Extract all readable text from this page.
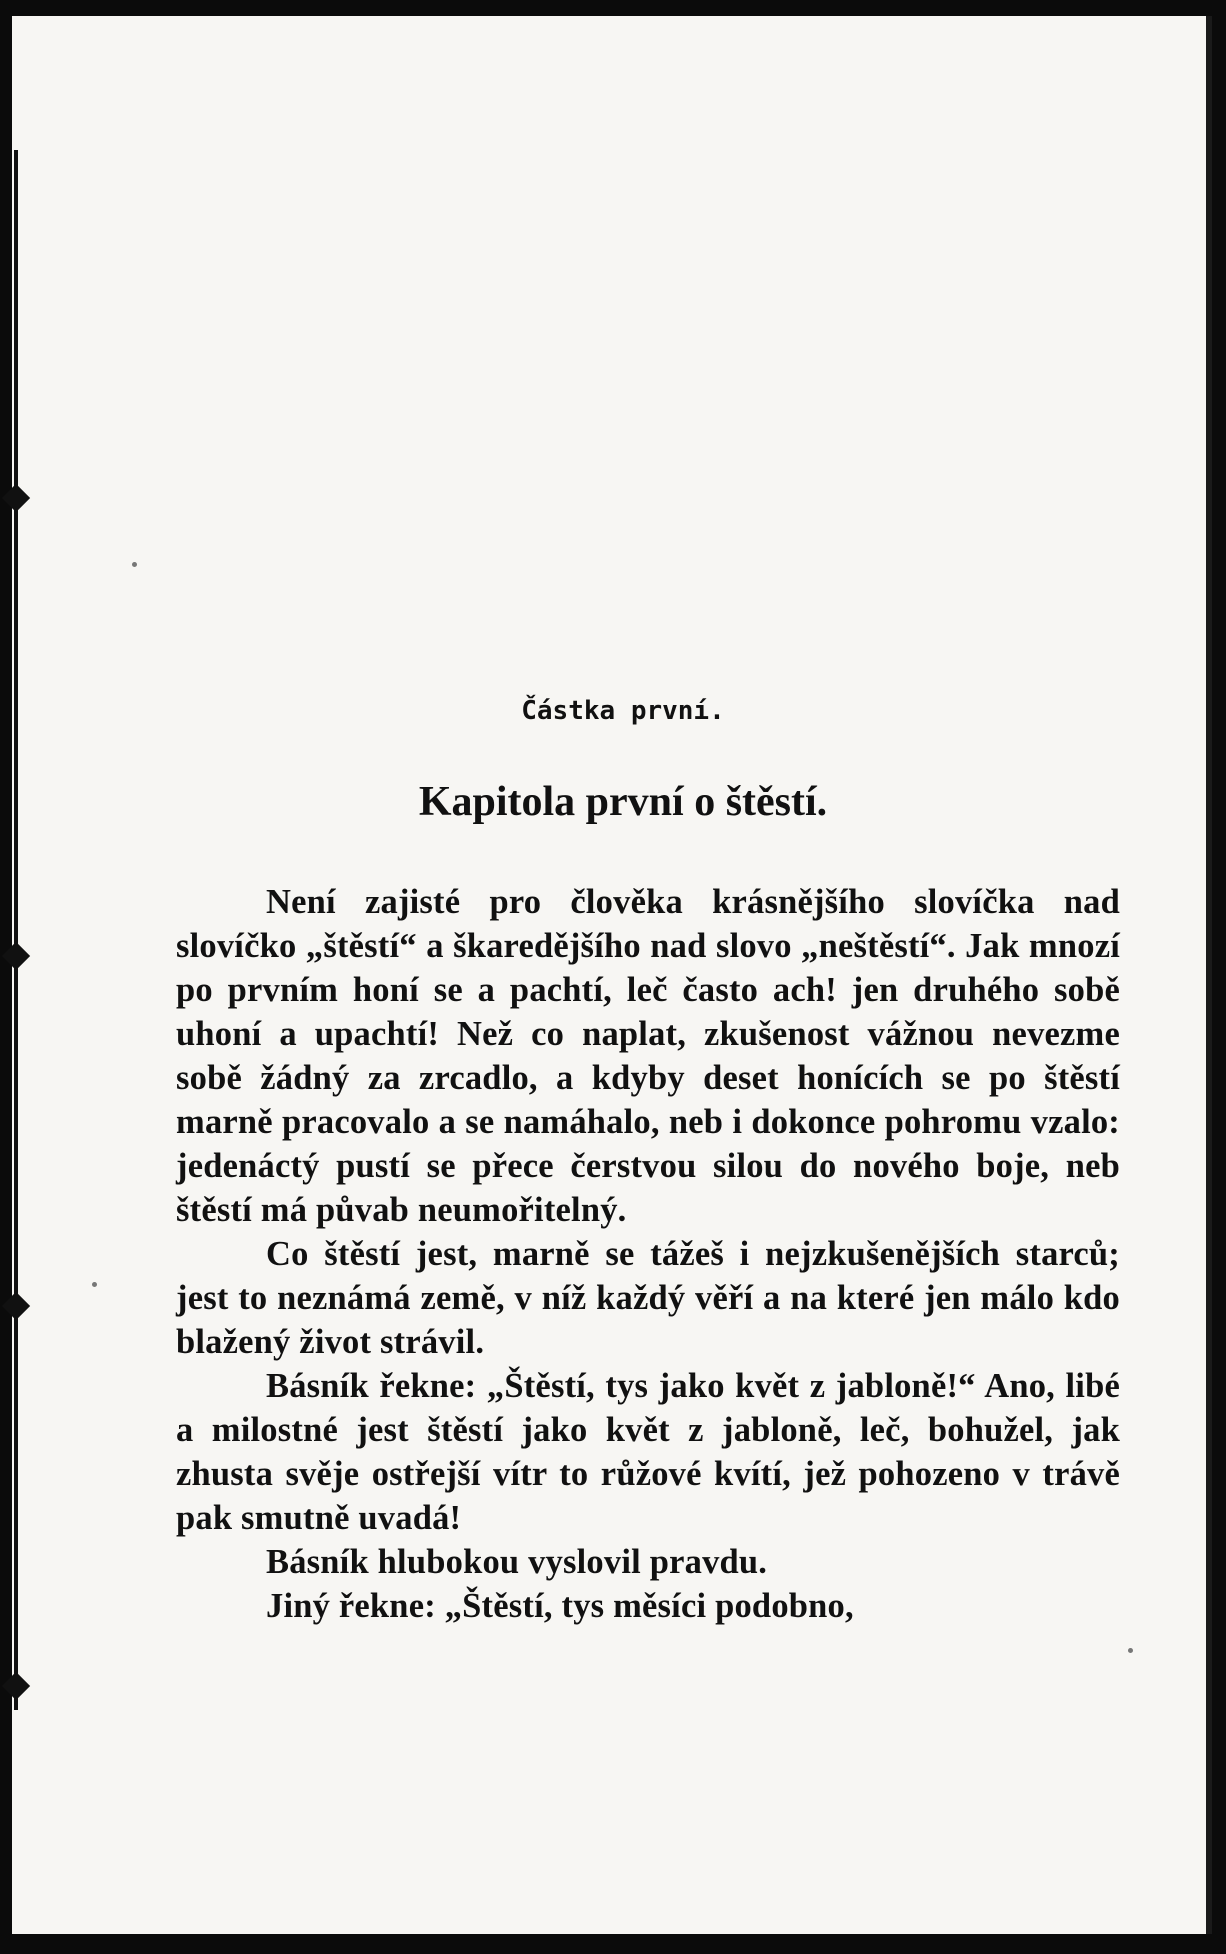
Částka první.
Kapitola první o štěstí.

Není zajisté pro člověka krásnějšího slovíčka nad slovíčko „štěstí“ a škaredějšího nad slovo „neštěstí“. Jak mnozí po prvním honí se a pachtí, leč často ach! jen druhého sobě uhoní a upachtí! Než co naplat, zkušenost vážnou nevezme sobě žádný za zrcadlo, a kdyby deset honících se po štěstí marně pracovalo a se namáhalo, neb i dokonce pohromu vzalo: jedenáctý pustí se přece čerstvou silou do nového boje, neb štěstí má půvab neumořitelný.

Co štěstí jest, marně se tážeš i nejzkušenějších starců; jest to neznámá země, v níž každý věří a na které jen málo kdo blažený život strávil.

Básník řekne: „Štěstí, tys jako květ z jabloně!“ Ano, libé a milostné jest štěstí jako květ z jabloně, leč, bohužel, jak zhusta svěje ostřejší vítr to růžové kvítí, jež pohozeno v trávě pak smutně uvadá!

Básník hlubokou vyslovil pravdu.

Jiný řekne: „Štěstí, tys měsíci podobno,
